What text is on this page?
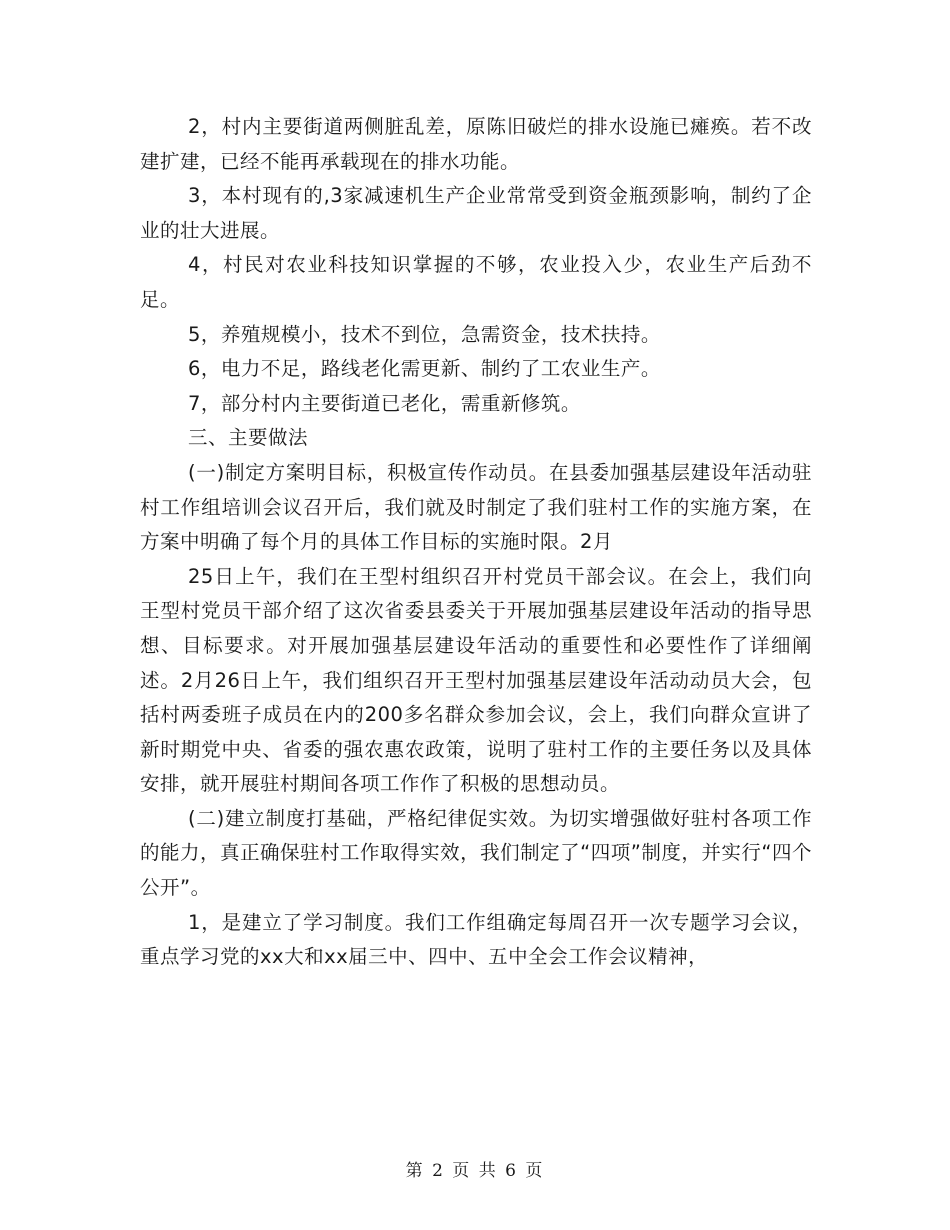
2，村内主要街道两侧脏乱差，原陈旧破烂的排水设施已瘫痪。若不改建扩建，已经不能再承载现在的排水功能。

3，本村现有的,3家减速机生产企业常常受到资金瓶颈影响，制约了企业的壮大进展。

4，村民对农业科技知识掌握的不够，农业投入少，农业生产后劲不足。

5，养殖规模小，技术不到位，急需资金，技术扶持。

6，电力不足，路线老化需更新、制约了工农业生产。

7，部分村内主要街道已老化，需重新修筑。

三、主要做法

(一)制定方案明目标，积极宣传作动员。在县委加强基层建设年活动驻村工作组培训会议召开后，我们就及时制定了我们驻村工作的实施方案，在方案中明确了每个月的具体工作目标的实施时限。2月

25日上午，我们在王型村组织召开村党员干部会议。在会上，我们向王型村党员干部介绍了这次省委县委关于开展加强基层建设年活动的指导思想、目标要求。对开展加强基层建设年活动的重要性和必要性作了详细阐述。2月26日上午，我们组织召开王型村加强基层建设年活动动员大会，包括村两委班子成员在内的200多名群众参加会议，会上，我们向群众宣讲了新时期党中央、省委的强农惠农政策，说明了驻村工作的主要任务以及具体安排，就开展驻村期间各项工作作了积极的思想动员。

(二)建立制度打基础，严格纪律促实效。为切实增强做好驻村各项工作的能力，真正确保驻村工作取得实效，我们制定了“四项”制度，并实行“四个公开”。

1，是建立了学习制度。我们工作组确定每周召开一次专题学习会议，重点学习党的xx大和xx届三中、四中、五中全会工作会议精神，

第 2 页 共 6 页
